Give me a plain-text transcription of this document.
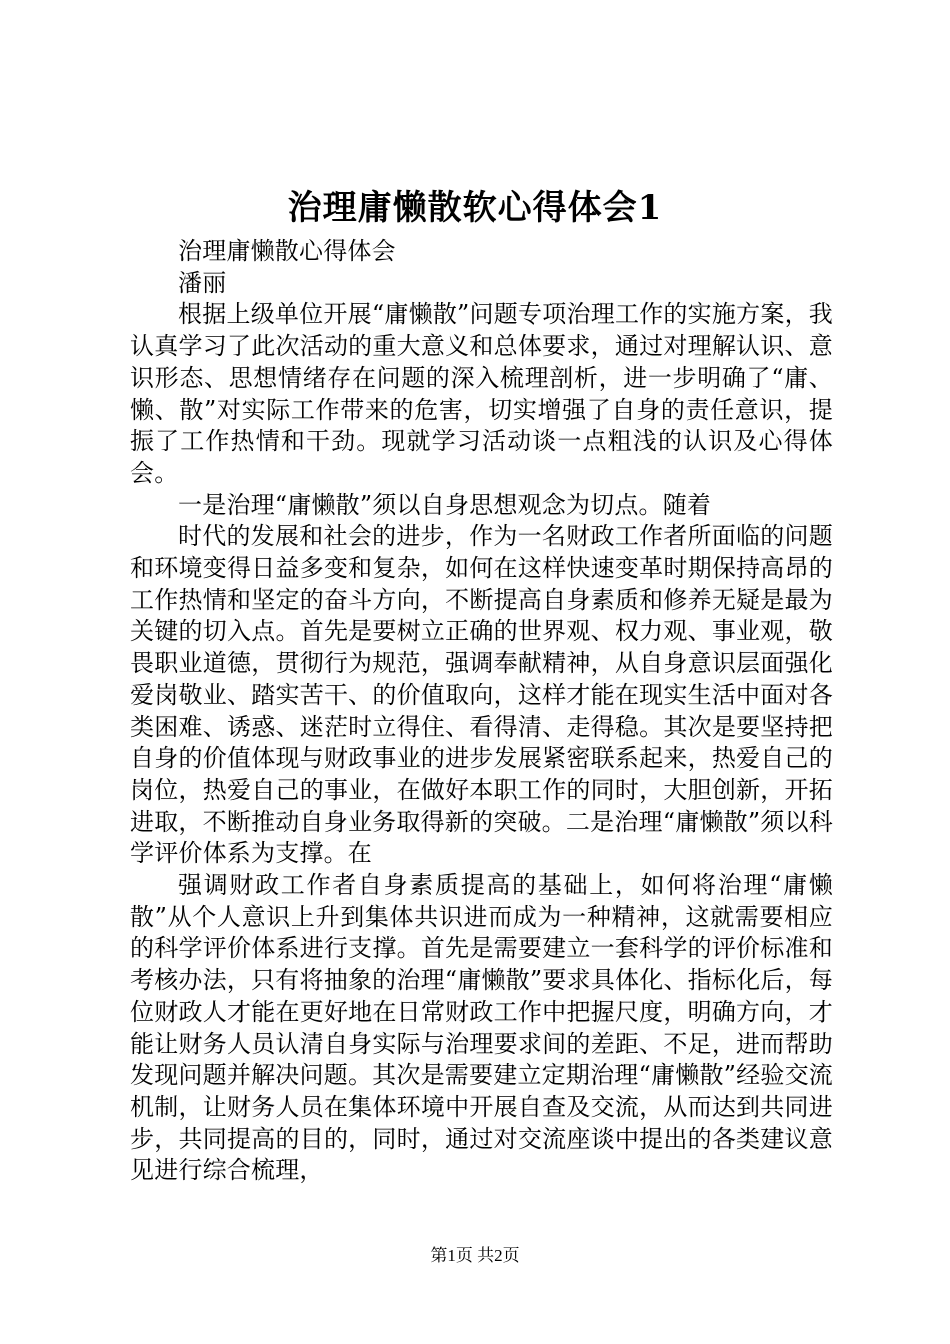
治理庸懒散软心得体会1

治理庸懒散心得体会

潘丽

根据上级单位开展“庸懒散”问题专项治理工作的实施方案，我认真学习了此次活动的重大意义和总体要求，通过对理解认识、意识形态、思想情绪存在问题的深入梳理剖析，进一步明确了“庸、懒、散”对实际工作带来的危害，切实增强了自身的责任意识，提振了工作热情和干劲。现就学习活动谈一点粗浅的认识及心得体会。

一是治理“庸懒散”须以自身思想观念为切点。随着

时代的发展和社会的进步，作为一名财政工作者所面临的问题和环境变得日益多变和复杂，如何在这样快速变革时期保持高昂的工作热情和坚定的奋斗方向，不断提高自身素质和修养无疑是最为关键的切入点。首先是要树立正确的世界观、权力观、事业观，敬畏职业道德，贯彻行为规范，强调奉献精神，从自身意识层面强化爱岗敬业、踏实苦干、的价值取向，这样才能在现实生活中面对各类困难、诱惑、迷茫时立得住、看得清、走得稳。其次是要坚持把自身的价值体现与财政事业的进步发展紧密联系起来，热爱自己的岗位，热爱自己的事业，在做好本职工作的同时，大胆创新，开拓进取，不断推动自身业务取得新的突破。二是治理“庸懒散”须以科学评价体系为支撑。在

强调财政工作者自身素质提高的基础上，如何将治理“庸懒散”从个人意识上升到集体共识进而成为一种精神，这就需要相应的科学评价体系进行支撑。首先是需要建立一套科学的评价标准和考核办法，只有将抽象的治理“庸懒散”要求具体化、指标化后，每位财政人才能在更好地在日常财政工作中把握尺度，明确方向，才能让财务人员认清自身实际与治理要求间的差距、不足，进而帮助发现问题并解决问题。其次是需要建立定期治理“庸懒散”经验交流机制，让财务人员在集体环境中开展自查及交流，从而达到共同进步，共同提高的目的，同时，通过对交流座谈中提出的各类建议意见进行综合梳理，

第1页 共2页
